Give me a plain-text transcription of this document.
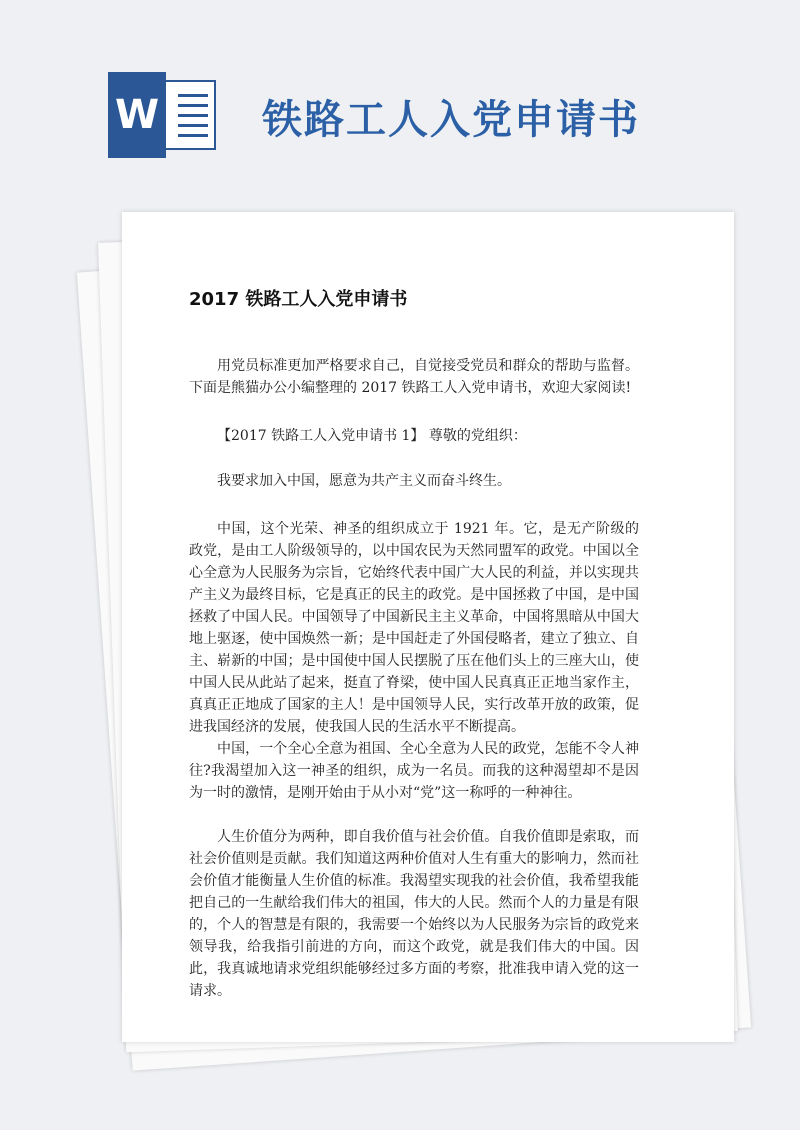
W	铁路工人入党申请书
2017 铁路工人入党申请书
用党员标准更加严格要求自己，自觉接受党员和群众的帮助与监督。下面是熊猫办公小编整理的 2017 铁路工人入党申请书，欢迎大家阅读!
【2017 铁路工人入党申请书 1】 尊敬的党组织：
我要求加入中国，愿意为共产主义而奋斗终生。
中国，这个光荣、神圣的组织成立于 1921 年。它，是无产阶级的政党，是由工人阶级领导的，以中国农民为天然同盟军的政党。中国以全心全意为人民服务为宗旨，它始终代表中国广大人民的利益，并以实现共产主义为最终目标，它是真正的民主的政党。是中国拯救了中国，是中国拯救了中国人民。中国领导了中国新民主主义革命，中国将黑暗从中国大地上驱逐，使中国焕然一新；是中国赶走了外国侵略者，建立了独立、自主、崭新的中国；是中国使中国人民摆脱了压在他们头上的三座大山，使中国人民从此站了起来，挺直了脊梁，使中国人民真真正正地当家作主，真真正正地成了国家的主人！是中国领导人民，实行改革开放的政策，促进我国经济的发展，使我国人民的生活水平不断提高。
中国，一个全心全意为祖国、全心全意为人民的政党，怎能不令人神往?我渴望加入这一神圣的组织，成为一名员。而我的这种渴望却不是因为一时的激情，是刚开始由于从小对“党”这一称呼的一种神往。
人生价值分为两种，即自我价值与社会价值。自我价值即是索取，而社会价值则是贡献。我们知道这两种价值对人生有重大的影响力，然而社会价值才能衡量人生价值的标准。我渴望实现我的社会价值，我希望我能把自己的一生献给我们伟大的祖国，伟大的人民。然而个人的力量是有限的，个人的智慧是有限的，我需要一个始终以为人民服务为宗旨的政党来领导我，给我指引前进的方向，而这个政党，就是我们伟大的中国。因此，我真诚地请求党组织能够经过多方面的考察，批准我申请入党的这一请求。
